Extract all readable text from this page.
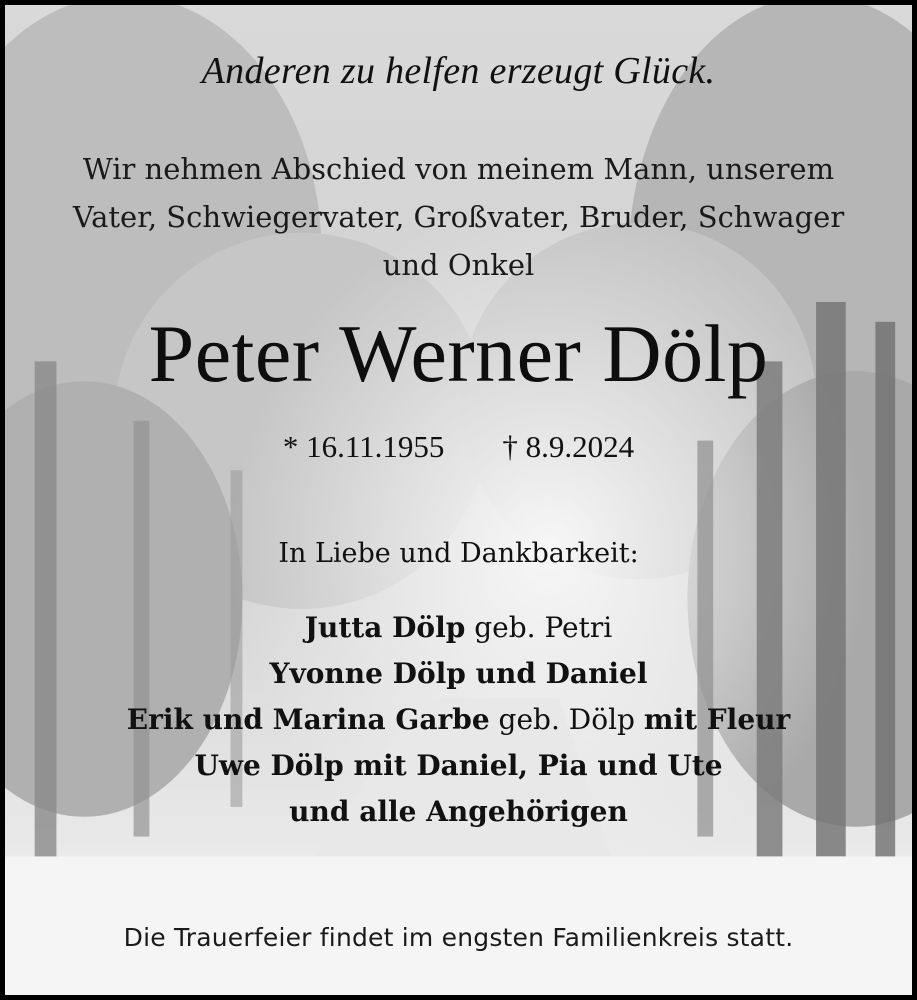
Anderen zu helfen erzeugt Glück.
Wir nehmen Abschied von meinem Mann, unserem
Vater, Schwiegervater, Großvater, Bruder, Schwager
und Onkel
Peter Werner Dölp
* 16.11.1955 † 8.9.2024
In Liebe und Dankbarkeit:
Jutta Dölp geb. Petri
Yvonne Dölp und Daniel
Erik und Marina Garbe geb. Dölp mit Fleur
Uwe Dölp mit Daniel, Pia und Ute
und alle Angehörigen
Die Trauerfeier findet im engsten Familienkreis statt.
